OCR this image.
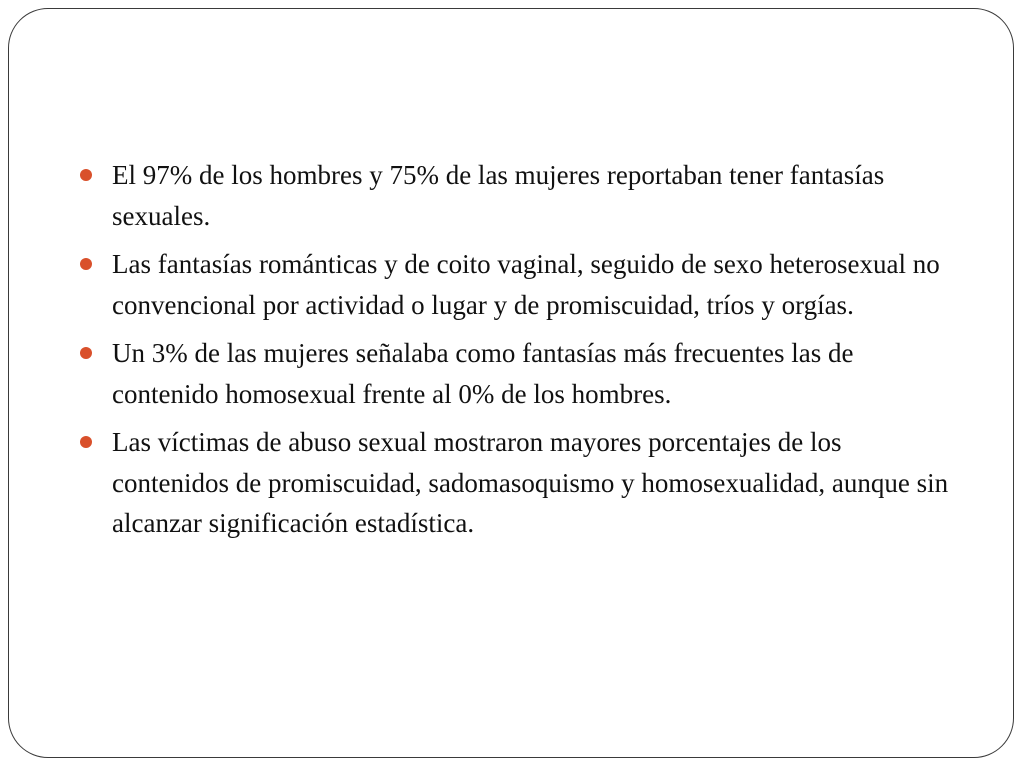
El 97% de los hombres y 75% de las mujeres reportaban tener fantasías sexuales.
Las fantasías románticas y de coito vaginal, seguido de sexo heterosexual no convencional por actividad o lugar y de promiscuidad, tríos y orgías.
Un 3% de las mujeres señalaba como fantasías más frecuentes las de contenido homosexual frente al 0% de los hombres.
Las víctimas de abuso sexual mostraron mayores porcentajes de los contenidos de promiscuidad, sadomasoquismo y homosexualidad, aunque sin alcanzar significación estadística.
